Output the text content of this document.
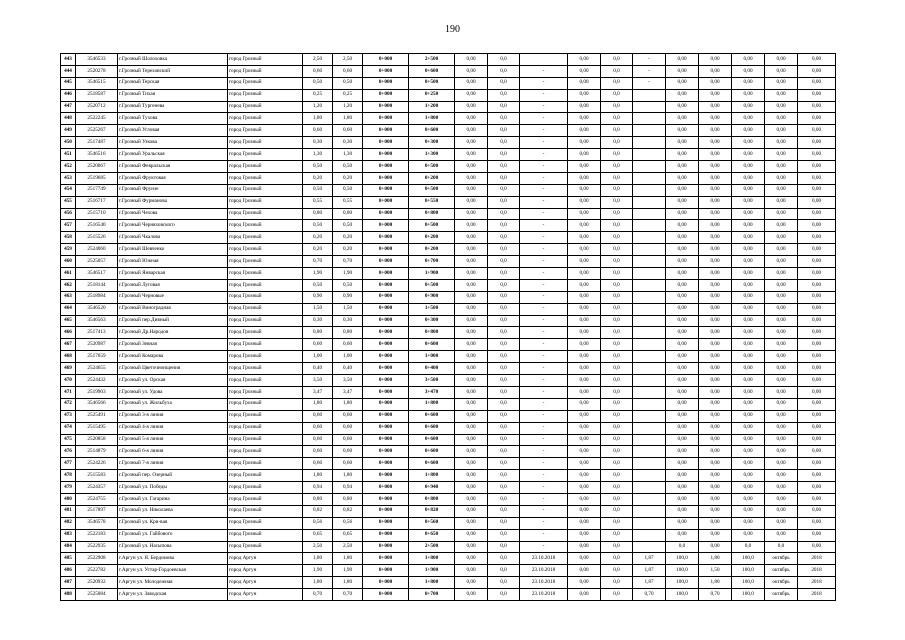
190
443	3546533	г.Грозный Шолоховка	город Грозный	2,50	2,50	0+000	2+500	0,00	0,0		0,00	0,0	-	0,00	0,00	0,00	0,00	0,00
444	2520278	г.Грозный Тереховский	город Грозный	0,60	0,60	0+000	0+600	0,00	0,0	-	0,00	0,0	-	0,00	0,00	0,00	0,00	0,00
445	3546515	г.Грозный Терская	город Грозный	0,50	0,50	0+000	0+500	0,00	0,0	-	0,00	0,0	-	0,00	0,00	0,00	0,00	0,00
446	2518587	г.Грозный Тихая	город Грозный	0,25	0,25	0+000	0+250	0,00	0,0	-	0,00	0,0		0,00	0,00	0,00	0,00	0,00
447	2520712	г.Грозный Тургенева	город Грозный	1,20	1,20	0+000	1+200	0,00	0,0	-	0,00	0,0		0,00	0,00	0,00	0,00	0,00
448	2522245	г.Грозный Тухова	город Грозный	1,80	1,80	0+000	1+800	0,00	0,0	-	0,00	0,0		0,00	0,00	0,00	0,00	0,00
449	2525267	г.Грозный Угловая	город Грозный	0,60	0,60	0+000	0+600	0,00	0,0	-	0,00	0,0		0,00	0,00	0,00	0,00	0,00
450	2517487	г.Грозный Узкова	город Грозный	0,30	0,30	0+000	0+300	0,00	0,0	-	0,00	0,0		0,00	0,00	0,00	0,00	0,00
451	3546516	г.Грозный Уральская	город Грозный	1,30	1,30	0+000	1+300	0,00	0,0	-	0,00	0,0		0,00	0,00	0,00	0,00	0,00
452	2520067	г.Грозный Февральская	город Грозный	0,50	0,50	0+000	0+500	0,00	0,0	-	0,00	0,0		0,00	0,00	0,00	0,00	0,00
453	2519685	г.Грозный Фруктовая	город Грозный	0,20	0,20	0+000	0+200	0,00	0,0	-	0,00	0,0		0,00	0,00	0,00	0,00	0,00
454	2517749	г.Грозный Фрунзе	город Грозный	0,50	0,50	0+000	0+500	0,00	0,0	-	0,00	0,0		0,00	0,00	0,00	0,00	0,00
455	2516717	г.Грозный Фурманова	город Грозный	0,55	0,55	0+000	0+550	0,00	0,0	-	0,00	0,0		0,00	0,00	0,00	0,00	0,00
456	2515710	г.Грозный Чехова	город Грозный	0,80	0,80	0+000	0+800	0,00	0,0	-	0,00	0,0		0,00	0,00	0,00	0,00	0,00
457	2516540	г.Грозный Черняховского	город Грозный	0,50	0,50	0+000	0+500	0,00	0,0	-	0,00	0,0		0,00	0,00	0,00	0,00	0,00
458	2515526	г.Грозный Чкалова	город Грозный	0,20	0,20	0+000	0+200	0,00	0,0	-	0,00	0,0		0,00	0,00	0,00	0,00	0,00
459	2524060	г.Грозный Шевченко	город Грозный	0,20	0,20	0+000	0+200	0,00	0,0	-	0,00	0,0		0,00	0,00	0,00	0,00	0,00
460	2525057	г.Грозный Южная	город Грозный	0,70	0,70	0+000	0+700	0,00	0,0	-	0,00	0,0		0,00	0,00	0,00	0,00	0,00
461	3546517	г.Грозный Январская	город Грозный	1,90	1,90	0+000	1+900	0,00	0,0	-	0,00	0,0		0,00	0,00	0,00	0,00	0,00
462	2518144	г.Грозный Луговая	город Грозный	0,50	0,50	0+000	0+500	0,00	0,0	-	0,00	0,0		0,00	0,00	0,00	0,00	0,00
463	2518984	г.Грозный Черновые	город Грозный	0,90	0,90	0+000	0+900	0,00	0,0	-	0,00	0,0		0,00	0,00	0,00	0,00	0,00
464	3546520	г.Грозный Виноградная	город Грозный	1,50	1,50	0+000	1+500	0,00	0,0	-	0,00	0,0		0,00	0,00	0,00	0,00	0,00
465	3546563	г.Грозный пер.Дивный	город Грозный	0,30	0,30	0+000	0+300	0,00	0,0	-	0,00	0,0		0,00	0,00	0,00	0,00	0,00
466	2517413	г.Грозный Др.Народов	город Грозный	0,80	0,80	0+000	0+800	0,00	0,0	-	0,00	0,0		0,00	0,00	0,00	0,00	0,00
467	2520987	г.Грозный Зевная	город Грозный	0,60	0,60	0+000	0+600	0,00	0,0	-	0,00	0,0		0,00	0,00	0,00	0,00	0,00
468	2517659	г.Грозный Комарова	город Грозный	1,00	1,00	0+000	1+000	0,00	0,0	-	0,00	0,0		0,00	0,00	0,00	0,00	0,00
469	2524655	г.Грозный Цветочнонщения	город Грозный	0,40	0,40	0+000	0+400	0,00	0,0	-	0,00	0,0		0,00	0,00	0,00	0,00	0,00
470	2524432	г.Грозный ул. Орская	город Грозный	3,50	3,50	0+000	3+500	0,00	0,0	-	0,00	0,0		0,00	0,00	0,00	0,00	0,00
471	2519903	г.Грозный ул. Удова	город Грозный	3,47	3,47	0+000	3+470	0,00	0,0	-	0,00	0,0		0,00	0,00	0,00	0,00	0,00
472	3546566	г.Грозный ул. Жильбуха	город Грозный	1,80	1,80	0+000	1+800	0,00	0,0	-	0,00	0,0		0,00	0,00	0,00	0,00	0,00
473	2525491	г.Грозный 3-я линия	город Грозный	0,60	0,60	0+000	0+600	0,00	0,0	-	0,00	0,0		0,00	0,00	0,00	0,00	0,00
474	2515495	г.Грозный 4-я линия	город Грозный	0,60	0,60	0+000	0+600	0,00	0,0	-	0,00	0,0		0,00	0,00	0,00	0,00	0,00
475	2520858	г.Грозный 5-я линия	город Грозный	0,60	0,60	0+000	0+600	0,00	0,0	-	0,00	0,0		0,00	0,00	0,00	0,00	0,00
476	2514879	г.Грозный 6-я линия	город Грозный	0,60	0,60	0+000	0+600	0,00	0,0	-	0,00	0,0		0,00	0,00	0,00	0,00	0,00
477	2524226	г.Грозный 7-я линия	город Грозный	0,60	0,60	0+000	0+600	0,00	0,0	-	0,00	0,0		0,00	0,00	0,00	0,00	0,00
478	2515583	г.Грозный пер. Озерный	город Грозный	1,80	1,80	0+000	1+800	0,00	0,0	-	0,00	0,0		0,00	0,00	0,00	0,00	0,00
479	2524357	г.Грозный ул. Победы	город Грозный	0,94	0,94	0+000	0+940	0,00	0,0	-	0,00	0,0		0,00	0,00	0,00	0,00	0,00
480	2524755	г.Грозный ул. Гагарина	город Грозный	0,80	0,80	0+000	0+800	0,00	0,0	-	0,00	0,0		0,00	0,00	0,00	0,00	0,00
481	2517897	г.Грозный ул. Николаева	город Грозный	0,82	0,82	0+000	0+820	0,00	0,0	-	0,00	0,0		0,00	0,00	0,00	0,00	0,00
482	3546578	г.Грозный ул. Кри-вая	город Грозный	0,56	0,56	0+000	0+560	0,00	0,0	-	0,00	0,0		0,00	0,00	0,00	0,00	0,00
483	2522183	г.Грозный ул. Гайбового	город Грозный	0,65	0,65	0+000	0+650	0,00	0,0	-	0,00	0,0		0,00	0,00	0,00	0,00	0,00
484	2522935	г.Грозный ул. Насыпова	город Грозный	2,50	2,50	0+000	2+500	0,00	0,0	-	0,00	0,0		0,0	0,00	0,0	0,0	0,00
485	2522908	г.Аргун ул. Я. Бердомова	город Аргун	1,80	1,80	0+000	1+800	0,00	0,0	23.10.2018	0,00	0,0	1,87	100,0	1,80	100,0	октябрь	2018
486	2522782	г.Аргун ул. Устар-Гордоевская	город Аргун	1,90	1,90	0+000	1+900	0,00	0,0	23.10.2018	0,00	0,0	1,87	100,0	1,50	100,0	октябрь	2018
487	2520932	г.Аргун ул. Молодежная	город Аргун	1,80	1,80	0+000	1+800	0,00	0,0	23.10.2018	0,00	0,0	1,87	100,0	1,80	100,0	октябрь	2018
488	2525084	г.Аргун ул. Заводская	город Аргун	0,70	0,70	0+000	0+700	0,00	0,0	23.10.2018	0,00	0,0	0,70	100,0	0,70	100,0	октябрь	2018
